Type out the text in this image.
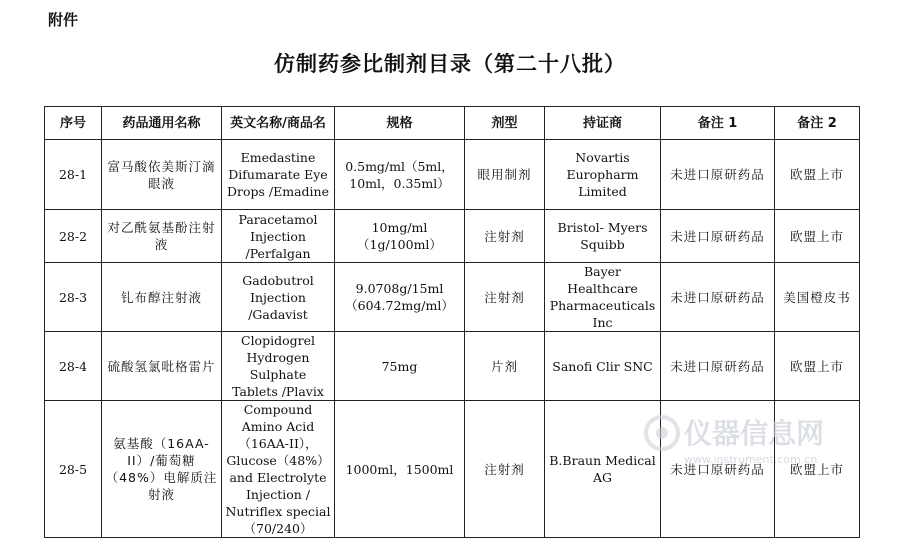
附件
仿制药参比制剂目录（第二十八批）
序号	药品通用名称	英文名称/商品名	规格	剂型	持证商	备注 1	备注 2
28-1	富马酸依美斯汀滴眼液	Emedastine Difumarate Eye Drops /Emadine	0.5mg/ml（5ml，10ml，0.35ml）	眼用制剂	Novartis Europharm Limited	未进口原研药品	欧盟上市
28-2	对乙酰氨基酚注射液	Paracetamol Injection /Perfalgan	10mg/ml（1g/100ml）	注射剂	Bristol- Myers Squibb	未进口原研药品	欧盟上市
28-3	钆布醇注射液	Gadobutrol Injection /Gadavist	9.0708g/15ml（604.72mg/ml）	注射剂	Bayer Healthcare Pharmaceuticals Inc	未进口原研药品	美国橙皮书
28-4	硫酸氢氯吡格雷片	Clopidogrel Hydrogen Sulphate Tablets /Plavix	75mg	片剂	Sanofi Clir SNC	未进口原研药品	欧盟上市
28-5	氨基酸（16AA-II）/葡萄糖（48%）电解质注射液	Compound Amino Acid（16AA-II），Glucose（48%）and Electrolyte Injection / Nutriflex special（70/240）	1000ml，1500ml	注射剂	B.Braun Medical AG	未进口原研药品	欧盟上市
仪器信息网
www.instrument.com.cn
